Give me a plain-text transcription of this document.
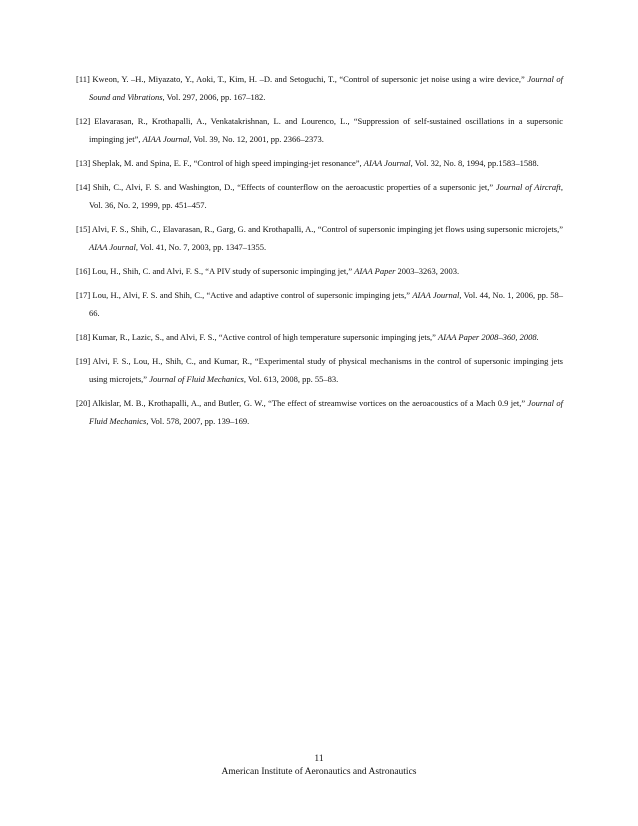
[11] Kweon, Y. –H., Miyazato, Y., Aoki, T., Kim, H. –D. and Setoguchi, T., “Control of supersonic jet noise using a wire device,” Journal of Sound and Vibrations, Vol. 297, 2006, pp. 167–182.

[12] Elavarasan, R., Krothapalli, A., Venkatakrishnan, L. and Lourenco, L., “Suppression of self-sustained oscillations in a supersonic impinging jet”, AIAA Journal, Vol. 39, No. 12, 2001, pp. 2366–2373.

[13] Sheplak, M. and Spina, E. F., “Control of high speed impinging-jet resonance”, AIAA Journal, Vol. 32, No. 8, 1994, pp.1583–1588.

[14] Shih, C., Alvi, F. S. and Washington, D., “Effects of counterflow on the aeroacustic properties of a supersonic jet,” Journal of Aircraft, Vol. 36, No. 2, 1999, pp. 451–457.

[15] Alvi, F. S., Shih, C., Elavarasan, R., Garg, G. and Krothapalli, A., “Control of supersonic impinging jet flows using supersonic microjets,” AIAA Journal, Vol. 41, No. 7, 2003, pp. 1347–1355.

[16] Lou, H., Shih, C. and Alvi, F. S., “A PIV study of supersonic impinging jet,” AIAA Paper 2003–3263, 2003.

[17] Lou, H., Alvi, F. S. and Shih, C., “Active and adaptive control of supersonic impinging jets,” AIAA Journal, Vol. 44, No. 1, 2006, pp. 58–66.

[18] Kumar, R., Lazic, S., and Alvi, F. S., “Active control of high temperature supersonic impinging jets,” AIAA Paper 2008–360, 2008.

[19] Alvi, F. S., Lou, H., Shih, C., and Kumar, R., “Experimental study of physical mechanisms in the control of supersonic impinging jets using microjets,” Journal of Fluid Mechanics, Vol. 613, 2008, pp. 55–83.

[20] Alkislar, M. B., Krothapalli, A., and Butler, G. W., “The effect of streamwise vortices on the aeroacoustics of a Mach 0.9 jet,” Journal of Fluid Mechanics, Vol. 578, 2007, pp. 139–169.

11
American Institute of Aeronautics and Astronautics
